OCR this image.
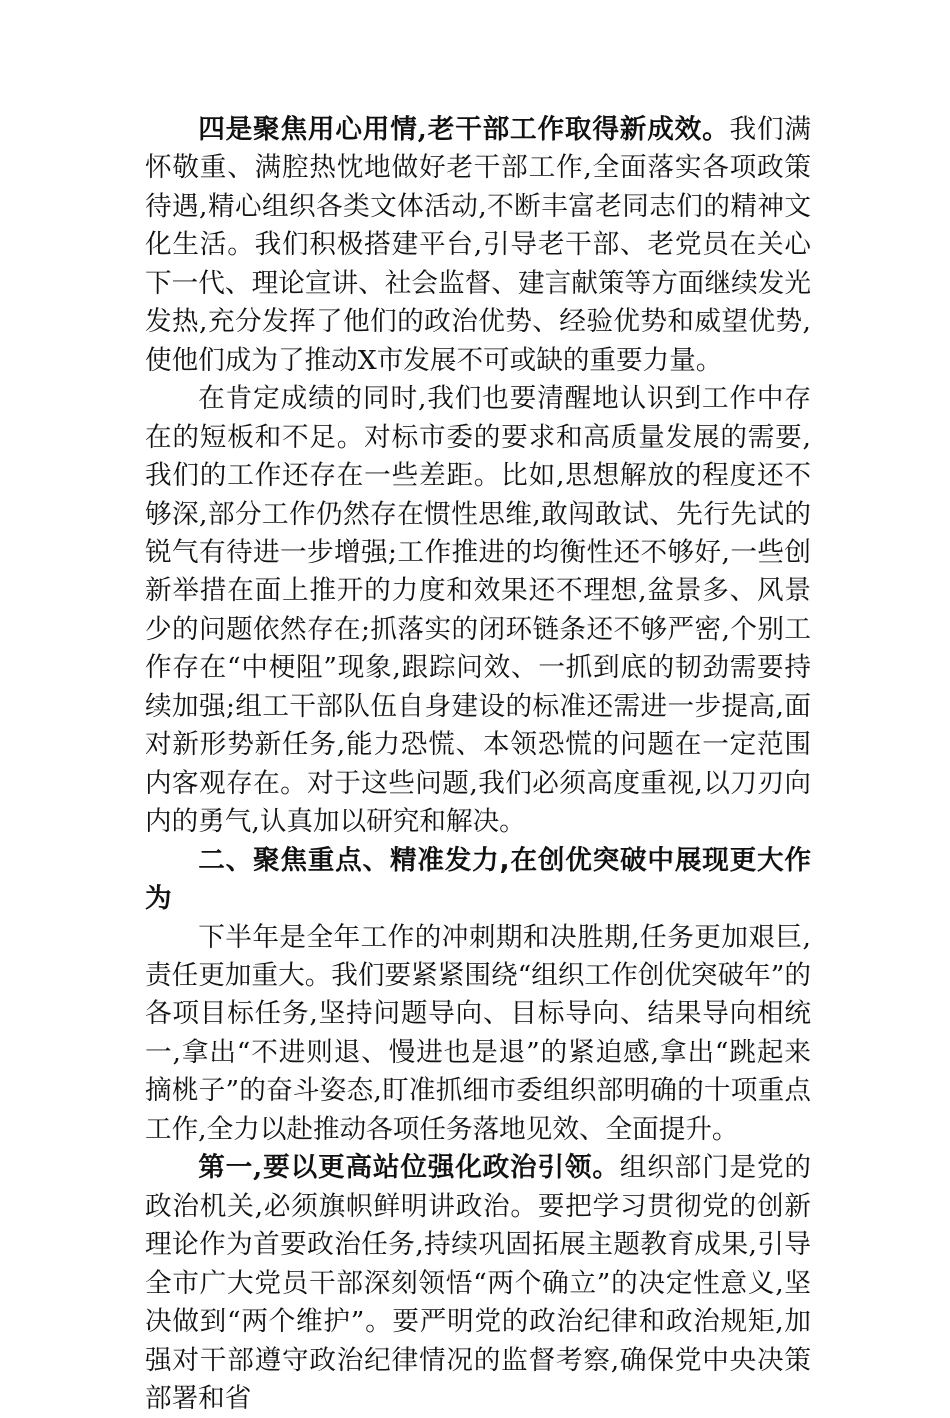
四是聚焦用心用情,老干部工作取得新成效。我们满怀敬重、满腔热忱地做好老干部工作,全面落实各项政策待遇,精心组织各类文体活动,不断丰富老同志们的精神文化生活。我们积极搭建平台,引导老干部、老党员在关心下一代、理论宣讲、社会监督、建言献策等方面继续发光发热,充分发挥了他们的政治优势、经验优势和威望优势,使他们成为了推动X市发展不可或缺的重要力量。

在肯定成绩的同时,我们也要清醒地认识到工作中存在的短板和不足。对标市委的要求和高质量发展的需要,我们的工作还存在一些差距。比如,思想解放的程度还不够深,部分工作仍然存在惯性思维,敢闯敢试、先行先试的锐气有待进一步增强;工作推进的均衡性还不够好,一些创新举措在面上推开的力度和效果还不理想,盆景多、风景少的问题依然存在;抓落实的闭环链条还不够严密,个别工作存在“中梗阻”现象,跟踪问效、一抓到底的韧劲需要持续加强;组工干部队伍自身建设的标准还需进一步提高,面对新形势新任务,能力恐慌、本领恐慌的问题在一定范围内客观存在。对于这些问题,我们必须高度重视,以刀刃向内的勇气,认真加以研究和解决。

二、聚焦重点、精准发力,在创优突破中展现更大作为

下半年是全年工作的冲刺期和决胜期,任务更加艰巨,责任更加重大。我们要紧紧围绕“组织工作创优突破年”的各项目标任务,坚持问题导向、目标导向、结果导向相统一,拿出“不进则退、慢进也是退”的紧迫感,拿出“跳起来摘桃子”的奋斗姿态,盯准抓细市委组织部明确的十项重点工作,全力以赴推动各项任务落地见效、全面提升。

第一,要以更高站位强化政治引领。组织部门是党的政治机关,必须旗帜鲜明讲政治。要把学习贯彻党的创新理论作为首要政治任务,持续巩固拓展主题教育成果,引导全市广大党员干部深刻领悟“两个确立”的决定性意义,坚决做到“两个维护”。要严明党的政治纪律和政治规矩,加强对干部遵守政治纪律情况的监督考察,确保党中央决策部署和省
